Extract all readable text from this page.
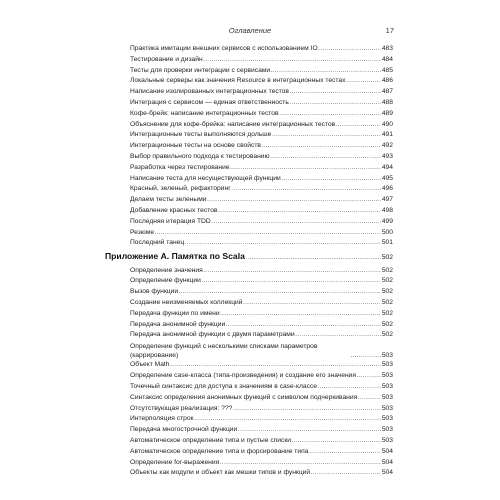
Оглавление	17
Практика имитации внешних сервисов с использованием IO .....	483
Тестирование и дизайн .....	484
Тесты для проверки интеграции с сервисами .....	485
Локальные серверы как значения Resource в интеграционных тестах .....	486
Написание изолированных интеграционных тестов .....	487
Интеграция с сервисом — единая ответственность .....	488
Кофе-брейк: написание интеграционных тестов .....	489
Объяснение для кофе-брейка: написание интеграционных тестов .....	490
Интеграционные тесты выполняются дольше .....	491
Интеграционные тесты на основе свойств .....	492
Выбор правильного подхода к тестированию .....	493
Разработка через тестирование .....	494
Написание теста для несуществующей функции .....	495
Красный, зеленый, рефакторинг .....	496
Делаем тесты зелеными .....	497
Добавление красных тестов .....	498
Последняя итерация TDD .....	499
Резюме .....	500
Последний танец .....	501
Приложение А. Памятка по Scala .....	502
Определение значения .....	502
Определение функции .....	502
Вызов функции .....	502
Создание неизменяемых коллекций .....	502
Передача функции по имени .....	502
Передача анонимной функции .....	502
Передача анонимной функции с двумя параметрами .....	502
Определение функций с несколькими списками параметров (каррирование) .....	503
Объект Math .....	503
Определение case-класса (типа-произведения) и создание его значения .....	503
Точечный синтаксис для доступа к значениям в case-классе .....	503
Синтаксис определения анонимных функций с символом подчеркивания .....	503
Отсутствующая реализация: ??? .....	503
Интерполяция строк .....	503
Передача многострочной функции .....	503
Автоматическое определение типа и пустые списки .....	503
Автоматическое определение типа и форсирование типа .....	504
Определение for-выражения .....	504
Объекты как модули и объект как мешки типов и функций .....	504
